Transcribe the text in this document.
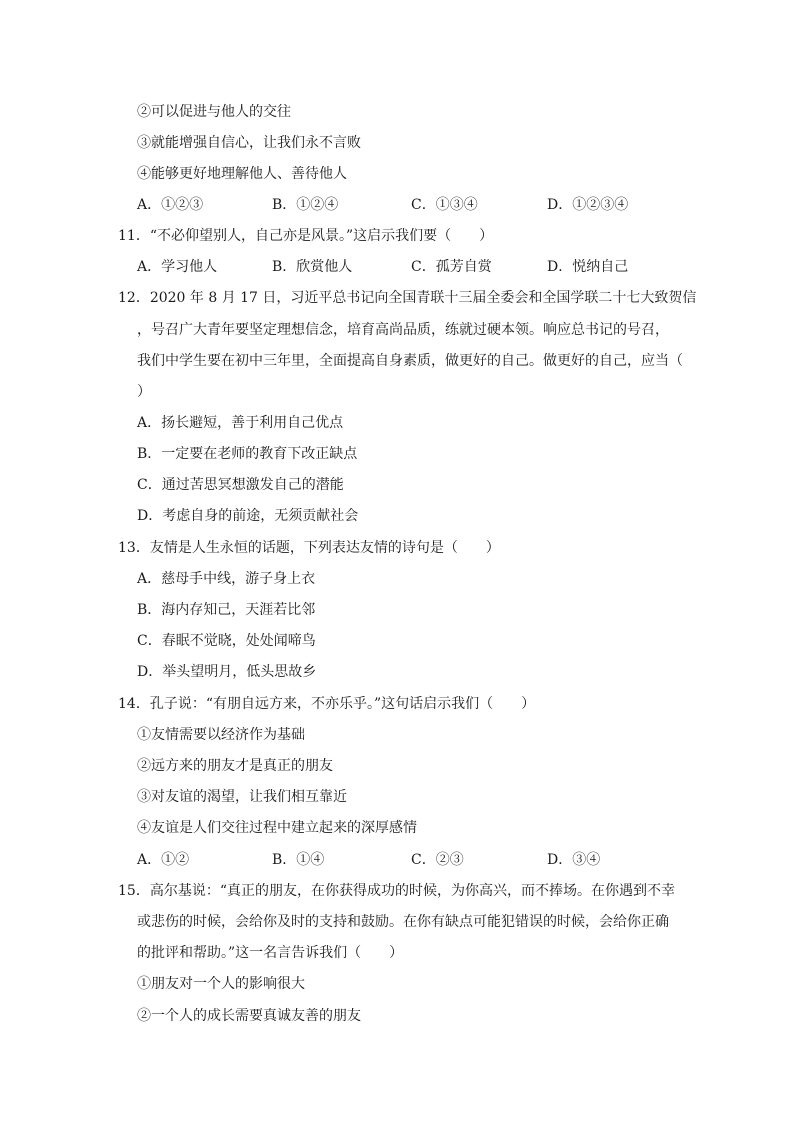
②可以促进与他人的交往
③就能增强自信心，让我们永不言败
④能够更好地理解他人、善待他人
A．①②③	B．①②④	C．①③④	D．①②③④
11．“不必仰望别人，自己亦是风景。”这启示我们要（　　）
A．学习他人	B．欣赏他人	C．孤芳自赏	D．悦纳自己
12．2020 年 8 月 17 日，习近平总书记向全国青联十三届全委会和全国学联二十七大致贺信
，号召广大青年要坚定理想信念，培育高尚品质，练就过硬本领。响应总书记的号召，
我们中学生要在初中三年里，全面提高自身素质，做更好的自己。做更好的自己，应当（
）
A．扬长避短，善于利用自己优点
B．一定要在老师的教育下改正缺点
C．通过苦思冥想激发自己的潜能
D．考虑自身的前途，无须贡献社会
13．友情是人生永恒的话题，下列表达友情的诗句是（　　）
A．慈母手中线，游子身上衣
B．海内存知己，天涯若比邻
C．春眠不觉晓，处处闻啼鸟
D．举头望明月，低头思故乡
14．孔子说：“有朋自远方来，不亦乐乎。”这句话启示我们（　　）
①友情需要以经济作为基础
②远方来的朋友才是真正的朋友
③对友谊的渴望，让我们相互靠近
④友谊是人们交往过程中建立起来的深厚感情
A．①②	B．①④	C．②③	D．③④
15．高尔基说：“真正的朋友，在你获得成功的时候，为你高兴，而不捧场。在你遇到不幸
或悲伤的时候，会给你及时的支持和鼓励。在你有缺点可能犯错误的时候，会给你正确
的批评和帮助。”这一名言告诉我们（　　）
①朋友对一个人的影响很大
②一个人的成长需要真诚友善的朋友
